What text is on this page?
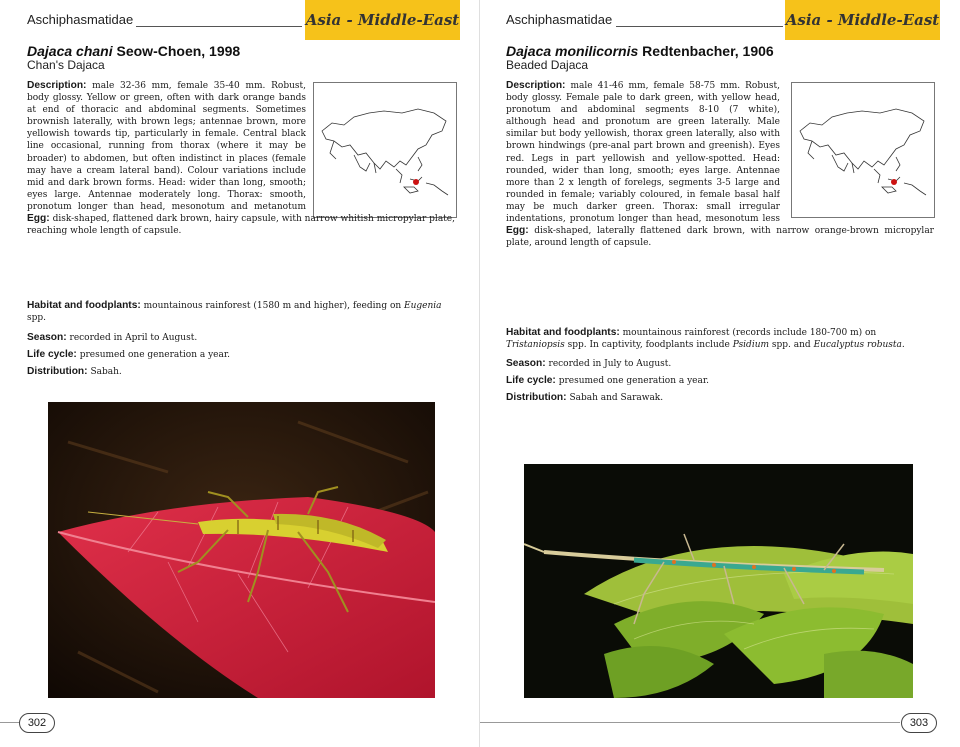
Aschiphasmatidae	Asia - Middle-East
Dajaca chani Seow-Choen, 1998
Chan's Dajaca
Description: male 32-36 mm, female 35-40 mm. Robust, body glossy. Yellow or green, often with dark orange bands at end of thoracic and abdominal segments. Sometimes brownish laterally, with brown legs; antennae brown, more yellowish towards tip, particularly in female. Central black line occasional, running from thorax (where it may be broader) to abdomen, but often indistinct in places (female may have a cream lateral band). Colour variations include mid and dark brown forms. Head: wider than long, smooth; eyes large. Antennae moderately long. Thorax: smooth, pronotum longer than head, mesonotum and metanotum
Egg: disk-shaped, flattened dark brown, hairy capsule, with narrow whitish micropylar plate, reaching whole length of capsule.
Habitat and foodplants: mountainous rainforest (1580 m and higher), feeding on Eugenia spp.
Season: recorded in April to August.
Life cycle: presumed one generation a year.
Distribution: Sabah.
302
Aschiphasmatidae	Asia - Middle-East
Dajaca monilicornis Redtenbacher, 1906
Beaded Dajaca
Description: male 41-46 mm, female 58-75 mm. Robust, body glossy. Female pale to dark green, with yellow head, pronotum and abdominal segments 8-10 (7 white), although head and pronotum are green laterally. Male similar but body yellowish, thorax green laterally, also with brown hindwings (pre-anal part brown and greenish). Eyes red. Legs in part yellowish and yellow-spotted. Head: rounded, wider than long, smooth; eyes large. Antennae more than 2 x length of forelegs, segments 3-5 large and rounded in female; variably coloured, in female basal half may be much darker green. Thorax: small irregular indentations, pronotum longer than head, mesonotum less
Egg: disk-shaped, laterally flattened dark brown, with narrow orange-brown micropylar plate, around length of capsule.
Habitat and foodplants: mountainous rainforest (records include 180-700 m) on Tristaniopsis spp. In captivity, foodplants include Psidium spp. and Eucalyptus robusta.
Season: recorded in July to August.
Life cycle: presumed one generation a year.
Distribution: Sabah and Sarawak.
303
